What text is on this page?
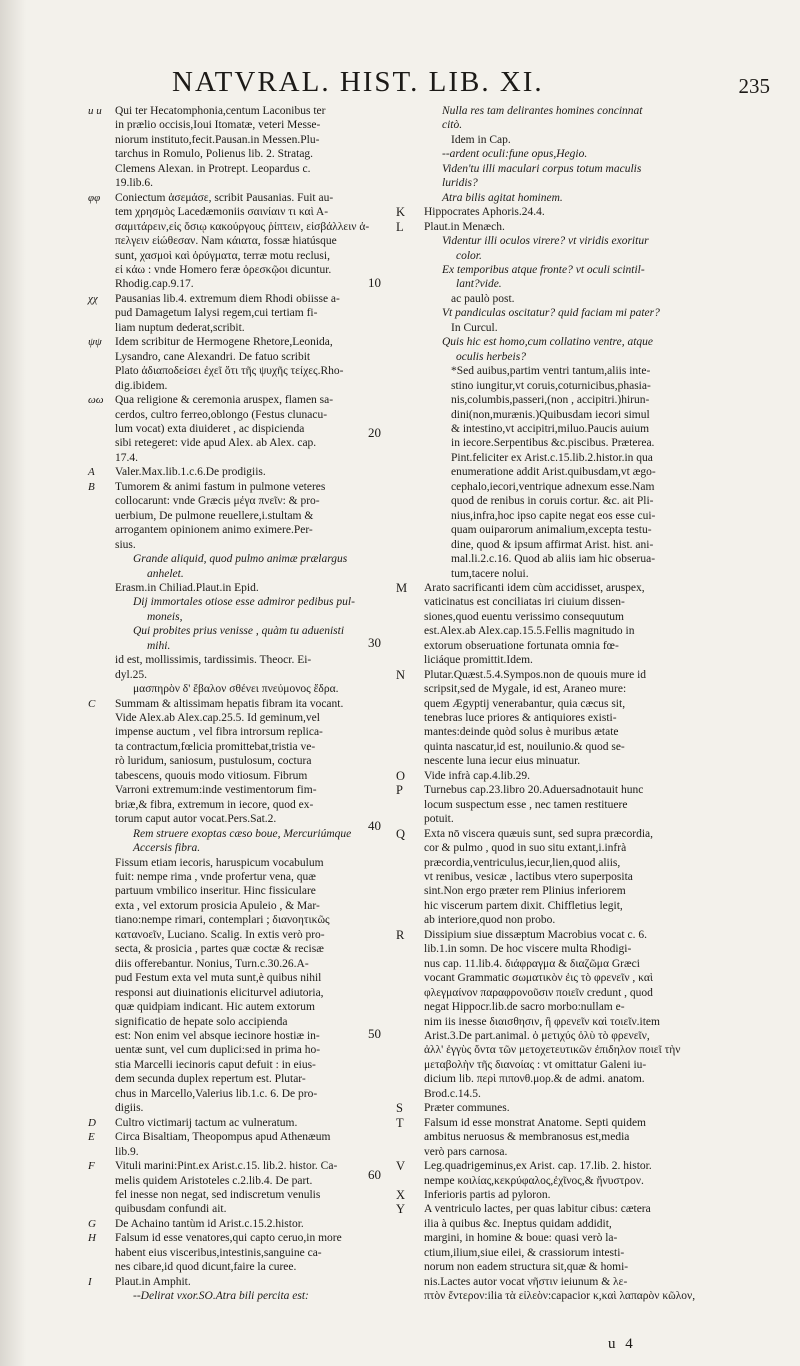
NATVRAL. HIST. LIB. XI.	235
10
20
30
40
50
60
u u	Qui ter Hecatomphonia,centum Laconibus ter
in prælio occisis,Ioui Itomatæ, veteri Messe-
niorum instituto,fecit.Pausan.in Messen.Plu-
tarchus in Romulo, Polienus lib. 2. Stratag.
Clemens Alexan. in Protrept. Leopardus c.
19.lib.6.
φφ	Coniectum ἀσεμάσε, scribit Pausanias. Fuit au-
tem χρησμὸς Lacedæmoniis σαινίαιν τι καὶ Α-
σαμιτάρειν,εἰς ὅσιῳ κακούργους ῥίπτειν, εἰσβάλλειν ἀ-
πελγειν εἰώθεσαν. Nam κάιατα, fossæ hiatúsque
sunt, χασμοὶ καὶ ὀρύγματα, terræ motu reclusi,
εἰ κάω : vnde Homero feræ ὀρεσκῷοι dicuntur.
Rhodig.cap.9.17.
χχ	Pausanias lib.4. extremum diem Rhodi obiisse a-
pud Damagetum Ialysi regem,cui tertiam fi-
liam nuptum dederat,scribit.
ψψ	Idem scribitur de Hermogene Rhetore,Leonida,
Lysandro, cane Alexandri. De fatuo scribit
Plato ἀδιαποδείσει ἐχεῖ ὅτι τῆς ψυχῆς τείχες.Rho-
dig.ibidem.
ωω Qua religione & ceremonia aruspex, flamen sa-
cerdos, cultro ferreo,oblongo (Festus clunacu-
lum vocat) exta diuideret , ac dispicienda
sibi retegeret: vide apud Alex. ab Alex. cap.
17.4.
A	Valer.Max.lib.1.c.6.De prodigiis.
B	Tumorem & animi fastum in pulmone veteres
collocarunt: vnde Græcis μέγα πνεῖν: & pro-
uerbium, De pulmone reuellere,i.stultam &
arrogantem opinionem animo eximere.Per-
sius.
Grande aliquid, quod pulmo animæ prælargus
anhelet.
Erasm.in Chiliad.Plaut.in Epid.
Dij immortales otiose esse admiror pedibus pul-
moneis,
Qui probites prius venisse , quàm tu aduenisti
mihi.
id est, mollissimis, tardissimis. Theocr. Ei-
dyl.25.
μασπηρὸν δ' ἔβαλον σθένει πνεύμονος ἔδρα.
C	Summam & altissimam hepatis fibram ita vocant.
Vide Alex.ab Alex.cap.25.5. Id geminum,vel
impense auctum , vel fibra introrsum replica-
ta contractum,fœlicia promittebat,tristia ve-
rò luridum, saniosum, pustulosum, coctura
tabescens, quouis modo vitiosum. Fibrum
Varroni extremum:inde vestimentorum fim-
briæ,& fibra, extremum in iecore, quod ex-
torum caput autor vocat.Pers.Sat.2.
Rem struere exoptas cæso boue, Mercuriúmque
Accersis fibra.
Fissum etiam iecoris, haruspicum vocabulum
fuit: nempe rima , vnde profertur vena, quæ
partuum vmbilico inseritur. Hinc fissiculare
exta , vel extorum prosicia Apuleio , & Mar-
tiano:nempe rimari, contemplari ; διανοητικῶς
κατανοεῖν, Luciano. Scalig. In extis verò pro-
secta, & prosicia , partes quæ coctæ & recisæ
diis offerebantur. Nonius, Turn.c.30.26.A-
pud Festum exta vel muta sunt,è quibus nihil
responsi aut diuinationis eliciturvel adiutoria,
quæ quidpiam indicant. Hic autem extorum
significatio de hepate solo accipienda
est: Non enim vel absque iecinore hostiæ in-
uentæ sunt, vel cum duplici:sed in prima ho-
stia Marcelli iecinoris caput defuit : in eius-
dem secunda duplex repertum est. Plutar-
chus in Marcello,Valerius lib.1.c. 6. De pro-
digiis.
D	Cultro victimarij tactum ac vulneratum.
E	Circa Bisaltiam, Theopompus apud Athenæum
lib.9.
F	Vituli marini:Pint.ex Arist.c.15. lib.2. histor. Ca-
melis quidem Aristoteles c.2.lib.4. De part.
fel inesse non negat, sed indiscretum venulis
quibusdam confundi ait.
G	De Achaino tantùm id Arist.c.15.2.histor.
H	Falsum id esse venatores,qui capto ceruo,in more
habent eius visceribus,intestinis,sanguine ca-
nes cibare,id quod dicunt,faire la curee.
I	Plaut.in Amphit.
--Delirat vxor.SO.Atra bili percita est:
Nulla res tam delirantes homines concinnat
citò.
Idem in Cap.
--ardent oculi:fune opus,Hegio.
Viden'tu illi maculari corpus totum maculis
luridis?
Atra bilis agitat hominem.
K	Hippocrates Aphoris.24.4.
L	Plaut.in Menæch.
Videntur illi oculos virere? vt viridis exoritur
color.
Ex temporibus atque fronte? vt oculi scintil-
lant?vide.
ac paulò post.
Vt pandiculas oscitatur? quid faciam mi pater?
In Curcul.
Quis hic est homo,cum collatino ventre, atque
oculis herbeis?
*Sed auibus,partim ventri tantum,aliis inte-
stino iungitur,vt coruis,coturnicibus,phasia-
nis,columbis,passeri,(non , accipitri.)hirun-
dini(non,murænis.)Quibusdam iecori simul
& intestino,vt accipitri,miluo.Paucis auium
in iecore.Serpentibus &c.piscibus. Præterea.
Pint.feliciter ex Arist.c.15.lib.2.histor.in qua
enumeratione addit Arist.quibusdam,vt ægo-
cephalo,iecori,ventrique adnexum esse.Nam
quod de renibus in coruis cortur. &c. ait Pli-
nius,infra,hoc ipso capite negat eos esse cui-
quam ouiparorum animalium,excepta testu-
dine, quod & ipsum affirmat Arist. hist. ani-
mal.li.2.c.16. Quod ab aliis iam hic obserua-
tum,tacere nolui.
M	Arato sacrificanti idem cùm accidisset, aruspex,
vaticinatus est conciliatas iri ciuium dissen-
siones,quod euentu verissimo consequutum
est.Alex.ab Alex.cap.15.5.Fellis magnitudo in
extorum obseruatione fortunata omnia fœ-
liciáque promittit.Idem.
N	Plutar.Quæst.5.4.Sympos.non de quouis mure id
scripsit,sed de Mygale, id est, Araneo mure:
quem Ægyptij venerabantur, quia cæcus sit,
tenebras luce priores & antiquiores existi-
mantes:deinde quòd solus è muribus ætate
quinta nascatur,id est, nouilunio.& quod se-
nescente luna iecur eius minuatur.
O	Vide infrà cap.4.lib.29.
P	Turnebus cap.23.libro 20.Aduersadnotauit hunc
locum suspectum esse , nec tamen restituere
potuit.
Q	Exta nō viscera quæuis sunt, sed supra præcordia,
cor & pulmo , quod in suo situ extant,i.infrà
præcordia,ventriculus,iecur,lien,quod aliis,
vt renibus, vesicæ , lactibus vtero superposita
sint.Non ergo præter rem Plinius inferiorem
hic viscerum partem dixit. Chiffletius legit,
ab interiore,quod non probo.
R	Dissipium siue dissæptum Macrobius vocat c. 6.
lib.1.in somn. De hoc viscere multa Rhodigi-
nus cap. 11.lib.4. διάφραγμα & διαζῶμα Græci
vocant Grammatic σωματικὸν ἐις τὸ φρενεῖν , καὶ
φλεγμαίνον παραφρονοῦσιν ποιεῖν credunt , quod
negat Hippocr.lib.de sacro morbo:nullam e-
nim iis inesse διαισθησιν, ἢ φρενεῖν καὶ τοιεῖν.item
Arist.3.De part.animal. ὁ μετιχύς ὀλὺ τὸ φρενεῖν,
ἀλλ' ἐγγὺς ὄντα τῶν μετοχετευτικῶν ἐπιδηλον ποιεῖ τὴν
μεταβολὴν τῆς διανοίας : vt omittatur Galeni iu-
dicium lib. περὶ πιπονθ.μορ.& de admi. anatom.
Brod.c.14.5.
S	Præter communes.
T	Falsum id esse monstrat Anatome. Septi quidem
ambitus neruosus & membranosus est,media
verò pars carnosa.
V	Leg.quadrigeminus,ex Arist. cap. 17.lib. 2. histor.
nempe κοιλίας,κεκρύφαλος,ἐχῖνος,& ἤνυστρον.
X	Inferioris partis ad pyloron.
Y	A ventriculo lactes, per quas labitur cibus: cætera
ilia à quibus &c. Ineptus quidam addidit,
margini, in homine & boue: quasi verò la-
ctium,ilium,siue eilei, & crassiorum intesti-
norum non eadem structura sit,quæ & homi-
nis.Lactes autor vocat νῆστιν ieiunum & λε-
πτὸν ἔντερον:ilia τὰ εἰλεὸν:capacior κ,καὶ λαπαρὸν κῶλον,
u 4
